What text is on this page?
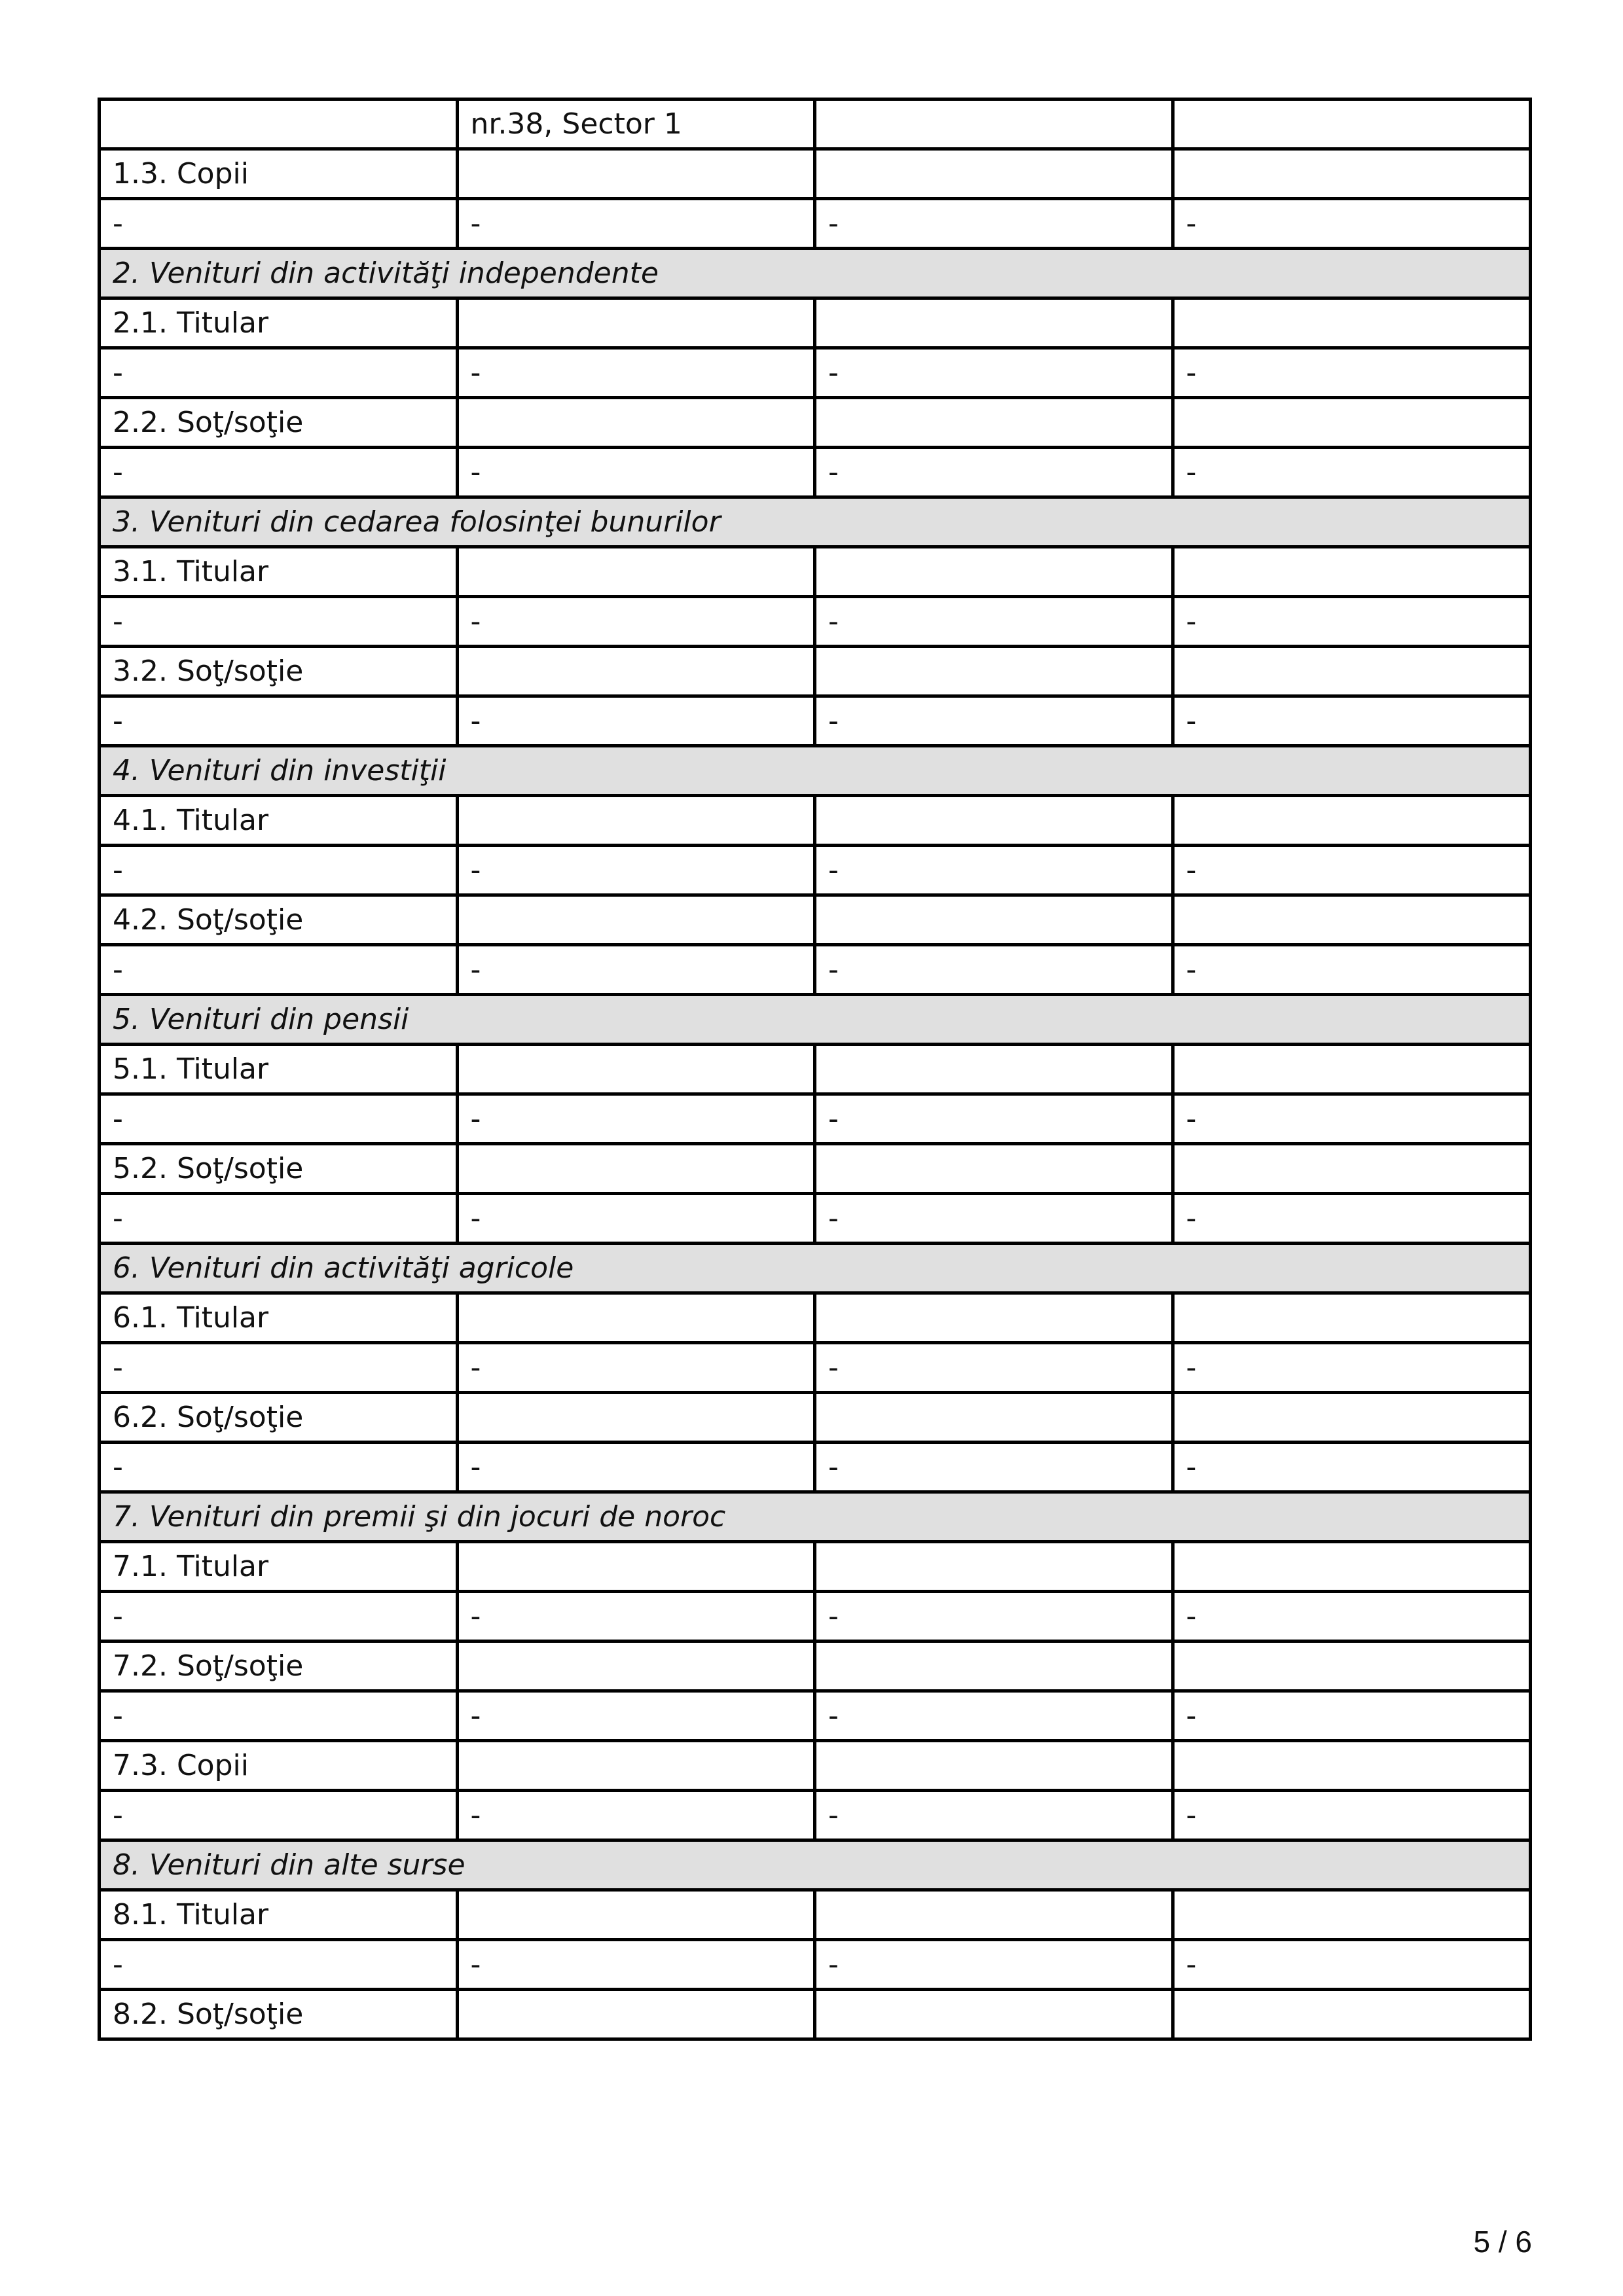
	nr.38, Sector 1		
1.3. Copii			
-	-	-	-
2. Venituri din activităţi independente			
2.1. Titular			
-	-	-	-
2.2. Soţ/soţie			
-	-	-	-
3. Venituri din cedarea folosinţei bunurilor			
3.1. Titular			
-	-	-	-
3.2. Soţ/soţie			
-	-	-	-
4. Venituri din investiţii			
4.1. Titular			
-	-	-	-
4.2. Soţ/soţie			
-	-	-	-
5. Venituri din pensii			
5.1. Titular			
-	-	-	-
5.2. Soţ/soţie			
-	-	-	-
6. Venituri din activităţi agricole			
6.1. Titular			
-	-	-	-
6.2. Soţ/soţie			
-	-	-	-
7. Venituri din premii şi din jocuri de noroc			
7.1. Titular			
-	-	-	-
7.2. Soţ/soţie			
-	-	-	-
7.3. Copii			
-	-	-	-
8. Venituri din alte surse			
8.1. Titular			
-	-	-	-
8.2. Soţ/soţie			
5 / 6
